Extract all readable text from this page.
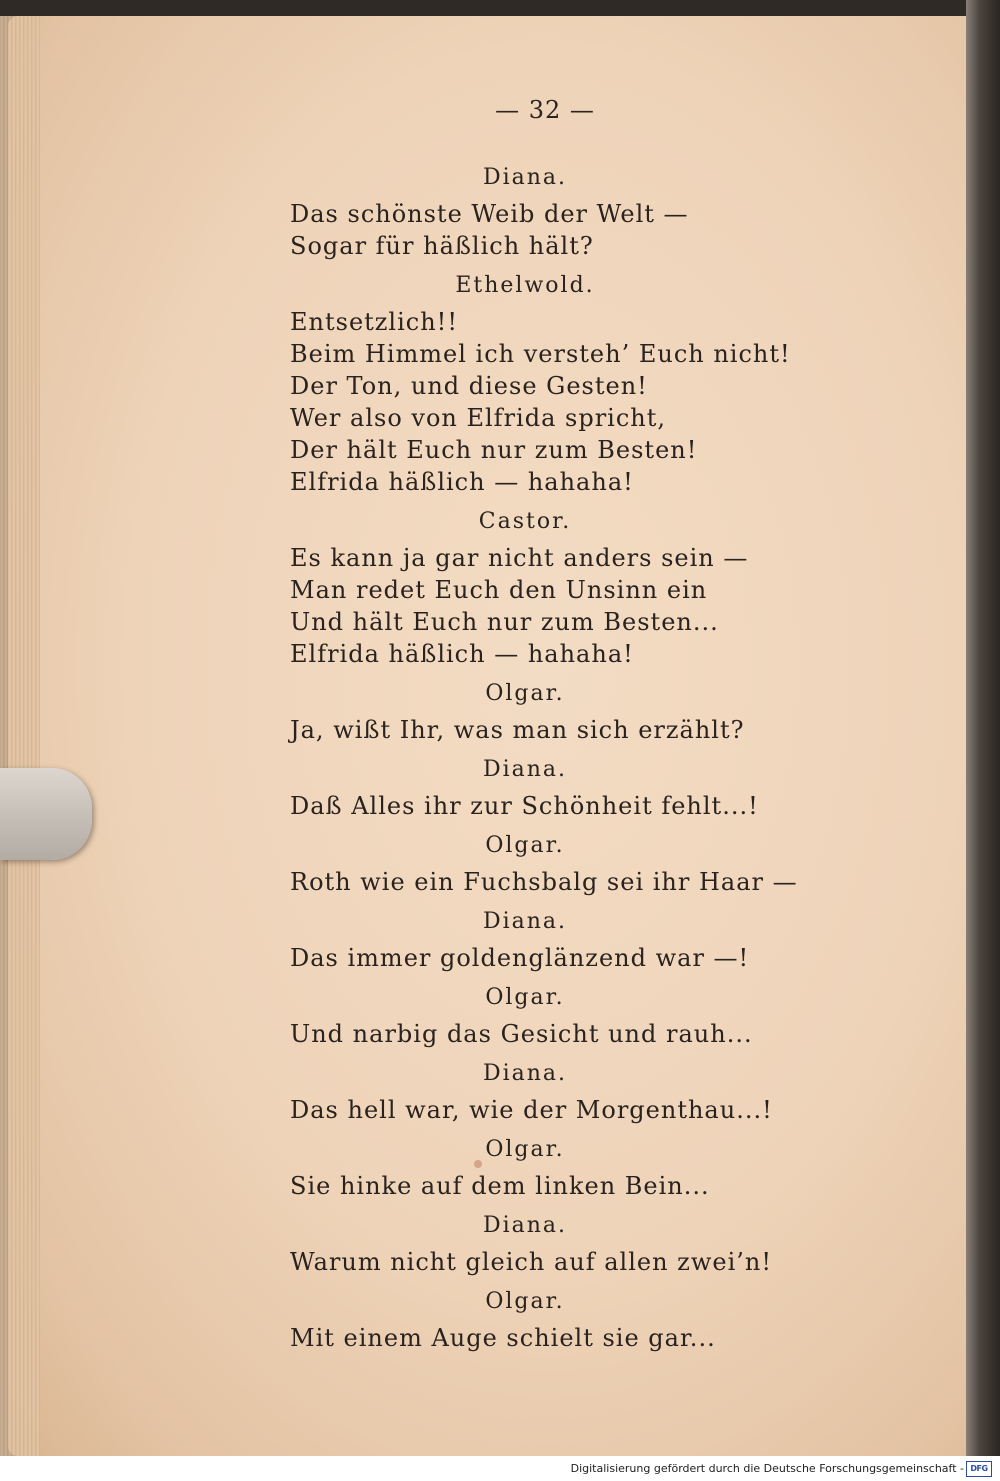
— 32 —
Diana.
Das schönste Weib der Welt —
Sogar für häßlich hält?
Ethelwold.
Entsetzlich!!
Beim Himmel ich versteh’ Euch nicht!
Der Ton, und diese Gesten!
Wer also von Elfrida spricht,
Der hält Euch nur zum Besten!
Elfrida häßlich — hahaha!
Castor.
Es kann ja gar nicht anders sein —
Man redet Euch den Unsinn ein
Und hält Euch nur zum Besten...
Elfrida häßlich — hahaha!
Olgar.
Ja, wißt Ihr, was man sich erzählt?
Diana.
Daß Alles ihr zur Schönheit fehlt...!
Olgar.
Roth wie ein Fuchsbalg sei ihr Haar —
Diana.
Das immer goldenglänzend war —!
Olgar.
Und narbig das Gesicht und rauh...
Diana.
Das hell war, wie der Morgenthau...!
Olgar.
Sie hinke auf dem linken Bein...
Diana.
Warum nicht gleich auf allen zwei’n!
Olgar.
Mit einem Auge schielt sie gar...
Digitalisierung gefördert durch die Deutsche Forschungsgemeinschaft - DFG
